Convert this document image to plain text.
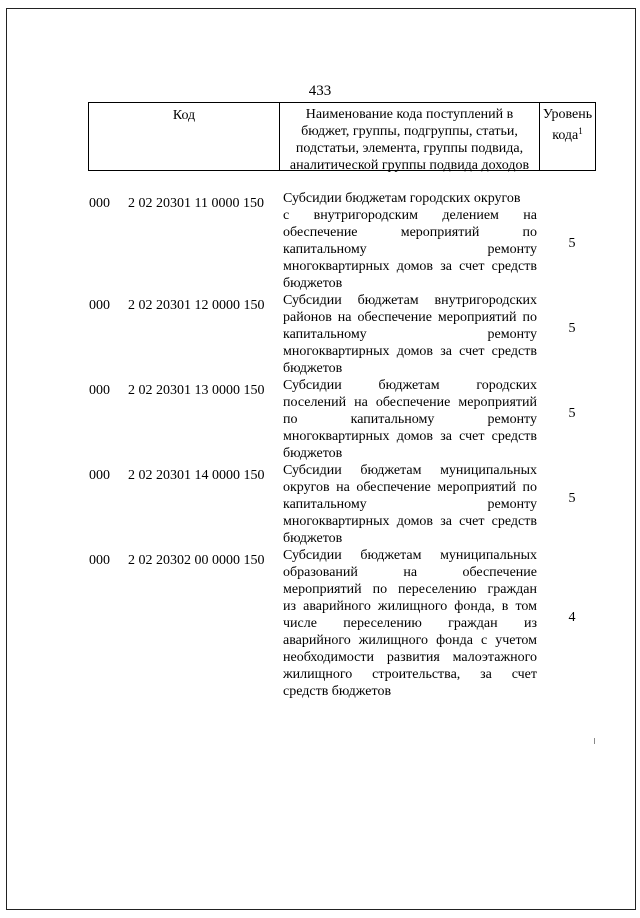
433
Код	Наименование кода поступлений в
бюджет, группы, подгруппы, статьи,
подстатьи, элемента, группы подвида,
аналитической группы подвида доходов
Уровень
кода$^1$
000 2 02 20301 11 0000 150 Субсидии бюджетам городских округов
с внутригородским делением на
обеспечение мероприятий по
капитальному ремонту
многоквартирных домов за счет средств
бюджетов
5
000 2 02 20301 12 0000 150 Субсидии бюджетам внутригородских
районов на обеспечение мероприятий по
капитальному ремонту
многоквартирных домов за счет средств
бюджетов
5
000 2 02 20301 13 0000 150 Субсидии бюджетам городских
поселений на обеспечение мероприятий
по капитальному ремонту
многоквартирных домов за счет средств
бюджетов
5
000 2 02 20301 14 0000 150 Субсидии бюджетам муниципальных
округов на обеспечение мероприятий по
капитальному ремонту
многоквартирных домов за счет средств
бюджетов
5
000 2 02 20302 00 0000 150 Субсидии бюджетам муниципальных
образований на обеспечение
мероприятий по переселению граждан
из аварийного жилищного фонда, в том
числе переселению граждан из
аварийного жилищного фонда с учетом
необходимости развития малоэтажного
жилищного строительства, за счет
средств бюджетов
4
